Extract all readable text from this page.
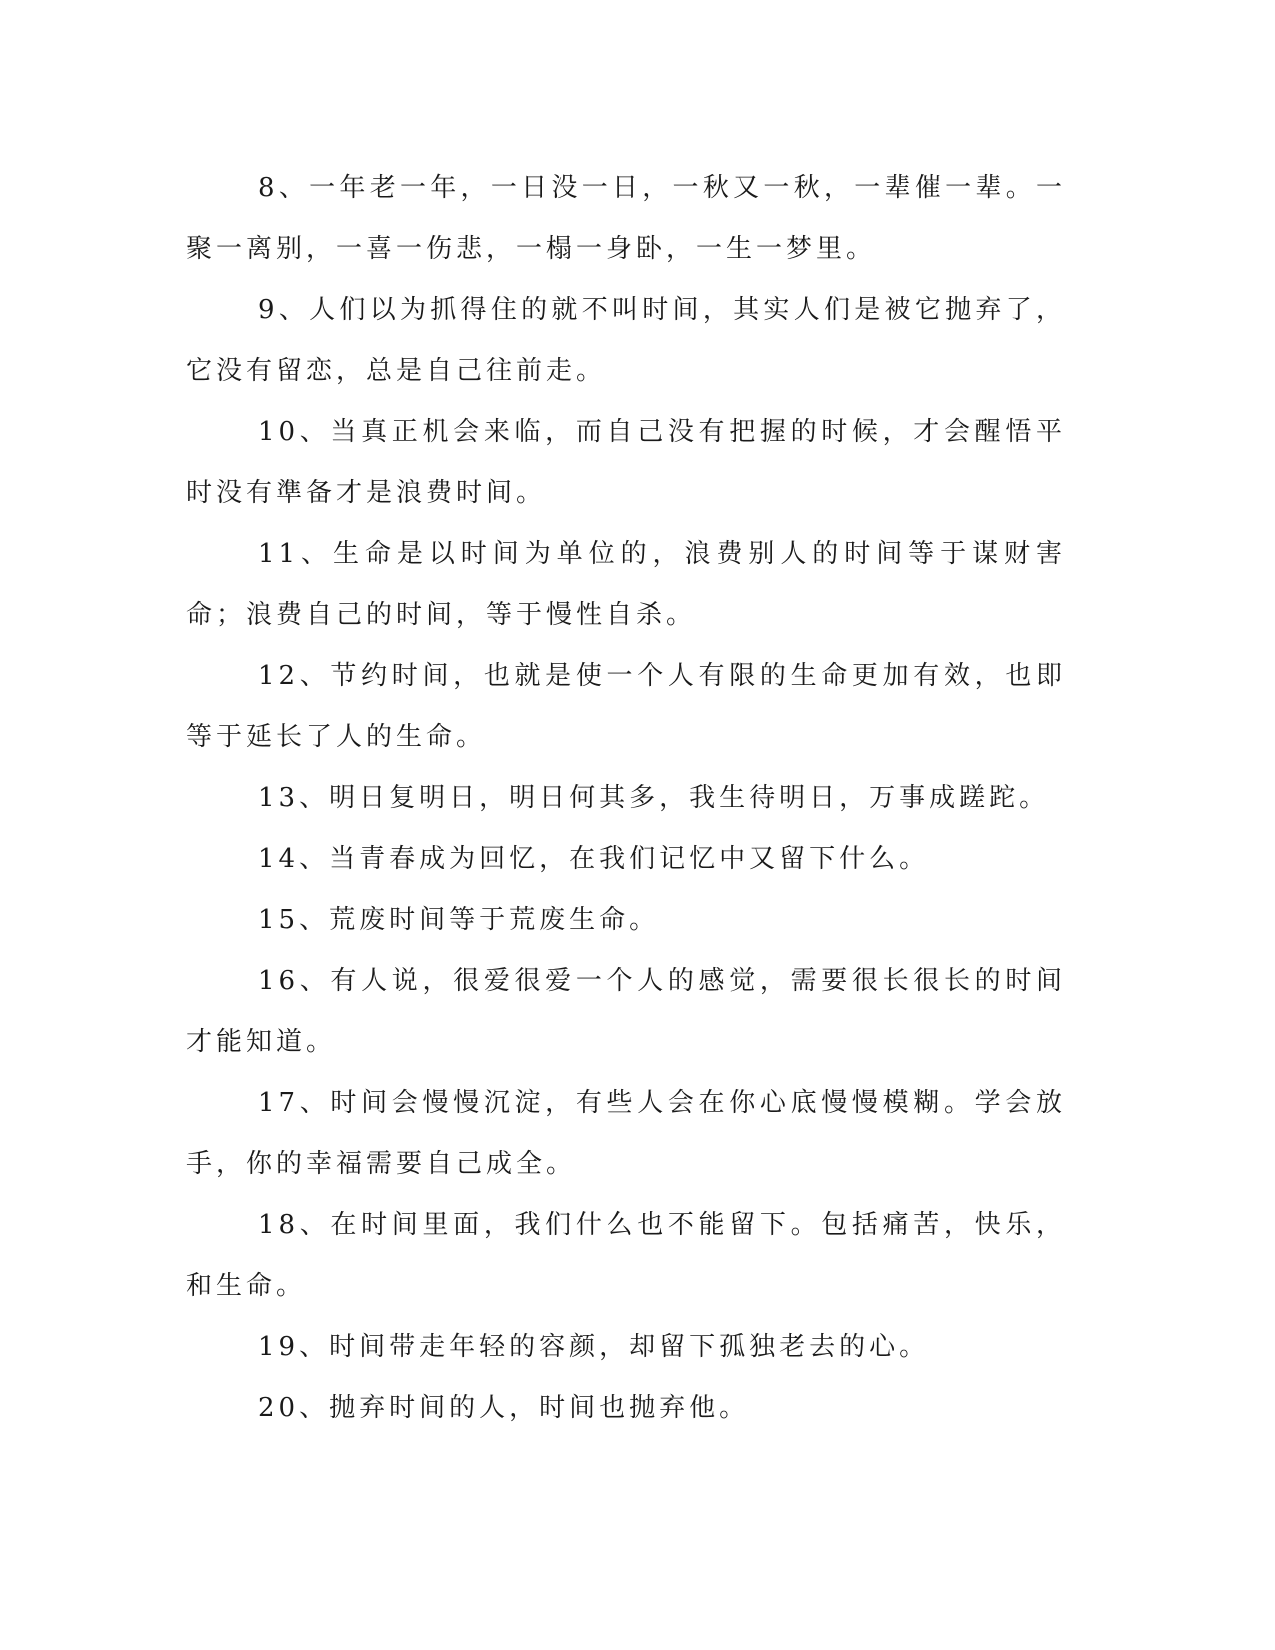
8、一年老一年，一日没一日，一秋又一秋，一辈催一辈。一聚一离别，一喜一伤悲，一榻一身卧，一生一梦里。

9、人们以为抓得住的就不叫时间，其实人们是被它抛弃了，它没有留恋，总是自己往前走。

10、当真正机会来临，而自己没有把握的时候，才会醒悟平时没有準备才是浪费时间。

11、生命是以时间为单位的，浪费别人的时间等于谋财害命；浪费自己的时间，等于慢性自杀。

12、节约时间，也就是使一个人有限的生命更加有效，也即等于延长了人的生命。

13、明日复明日，明日何其多，我生待明日，万事成蹉跎。

14、当青春成为回忆，在我们记忆中又留下什么。

15、荒废时间等于荒废生命。

16、有人说，很爱很爱一个人的感觉，需要很长很长的时间才能知道。

17、时间会慢慢沉淀，有些人会在你心底慢慢模糊。学会放手，你的幸福需要自己成全。

18、在时间里面，我们什么也不能留下。包括痛苦，快乐，和生命。

19、时间带走年轻的容颜，却留下孤独老去的心。

20、抛弃时间的人，时间也抛弃他。
